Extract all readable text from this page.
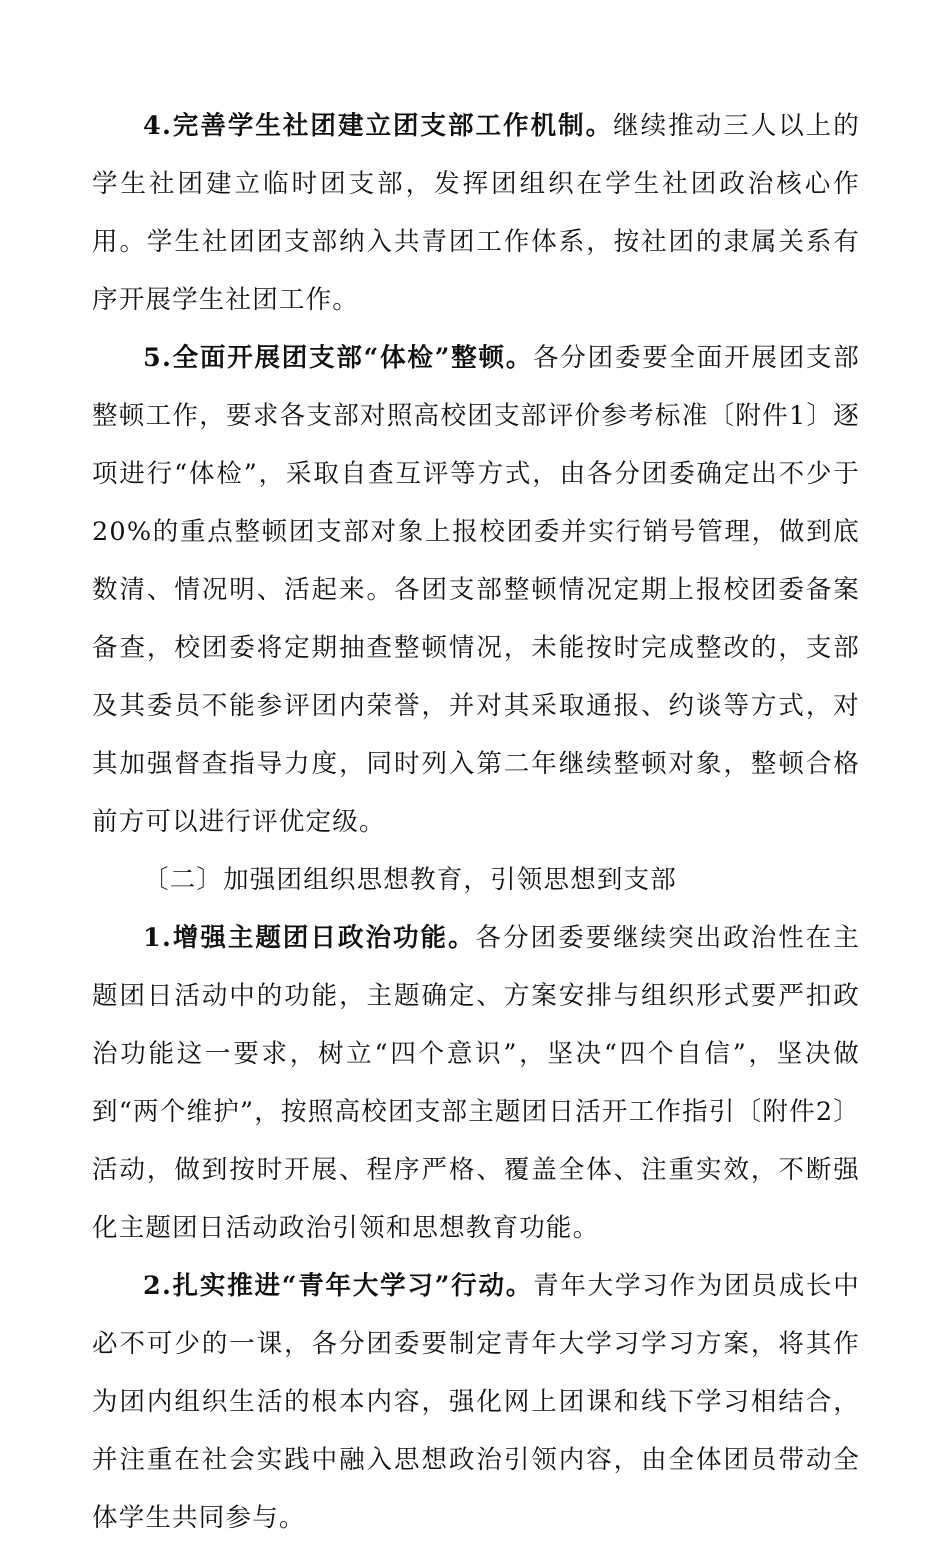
4.完善学生社团建立团支部工作机制。继续推动三人以上的学生社团建立临时团支部，发挥团组织在学生社团政治核心作用。学生社团团支部纳入共青团工作体系，按社团的隶属关系有序开展学生社团工作。

5.全面开展团支部“体检”整顿。各分团委要全面开展团支部整顿工作，要求各支部对照高校团支部评价参考标准〔附件1〕逐项进行“体检”，采取自查互评等方式，由各分团委确定出不少于20%的重点整顿团支部对象上报校团委并实行销号管理，做到底数清、情况明、活起来。各团支部整顿情况定期上报校团委备案备查，校团委将定期抽查整顿情况，未能按时完成整改的，支部及其委员不能参评团内荣誉，并对其采取通报、约谈等方式，对其加强督查指导力度，同时列入第二年继续整顿对象，整顿合格前方可以进行评优定级。

〔二〕加强团组织思想教育，引领思想到支部

1.增强主题团日政治功能。各分团委要继续突出政治性在主题团日活动中的功能，主题确定、方案安排与组织形式要严扣政治功能这一要求，树立“四个意识”，坚决“四个自信”，坚决做到“两个维护”，按照高校团支部主题团日活开工作指引〔附件2〕活动，做到按时开展、程序严格、覆盖全体、注重实效，不断强化主题团日活动政治引领和思想教育功能。

2.扎实推进“青年大学习”行动。青年大学习作为团员成长中必不可少的一课，各分团委要制定青年大学习学习方案，将其作为团内组织生活的根本内容，强化网上团课和线下学习相结合，并注重在社会实践中融入思想政治引领内容，由全体团员带动全体学生共同参与。
